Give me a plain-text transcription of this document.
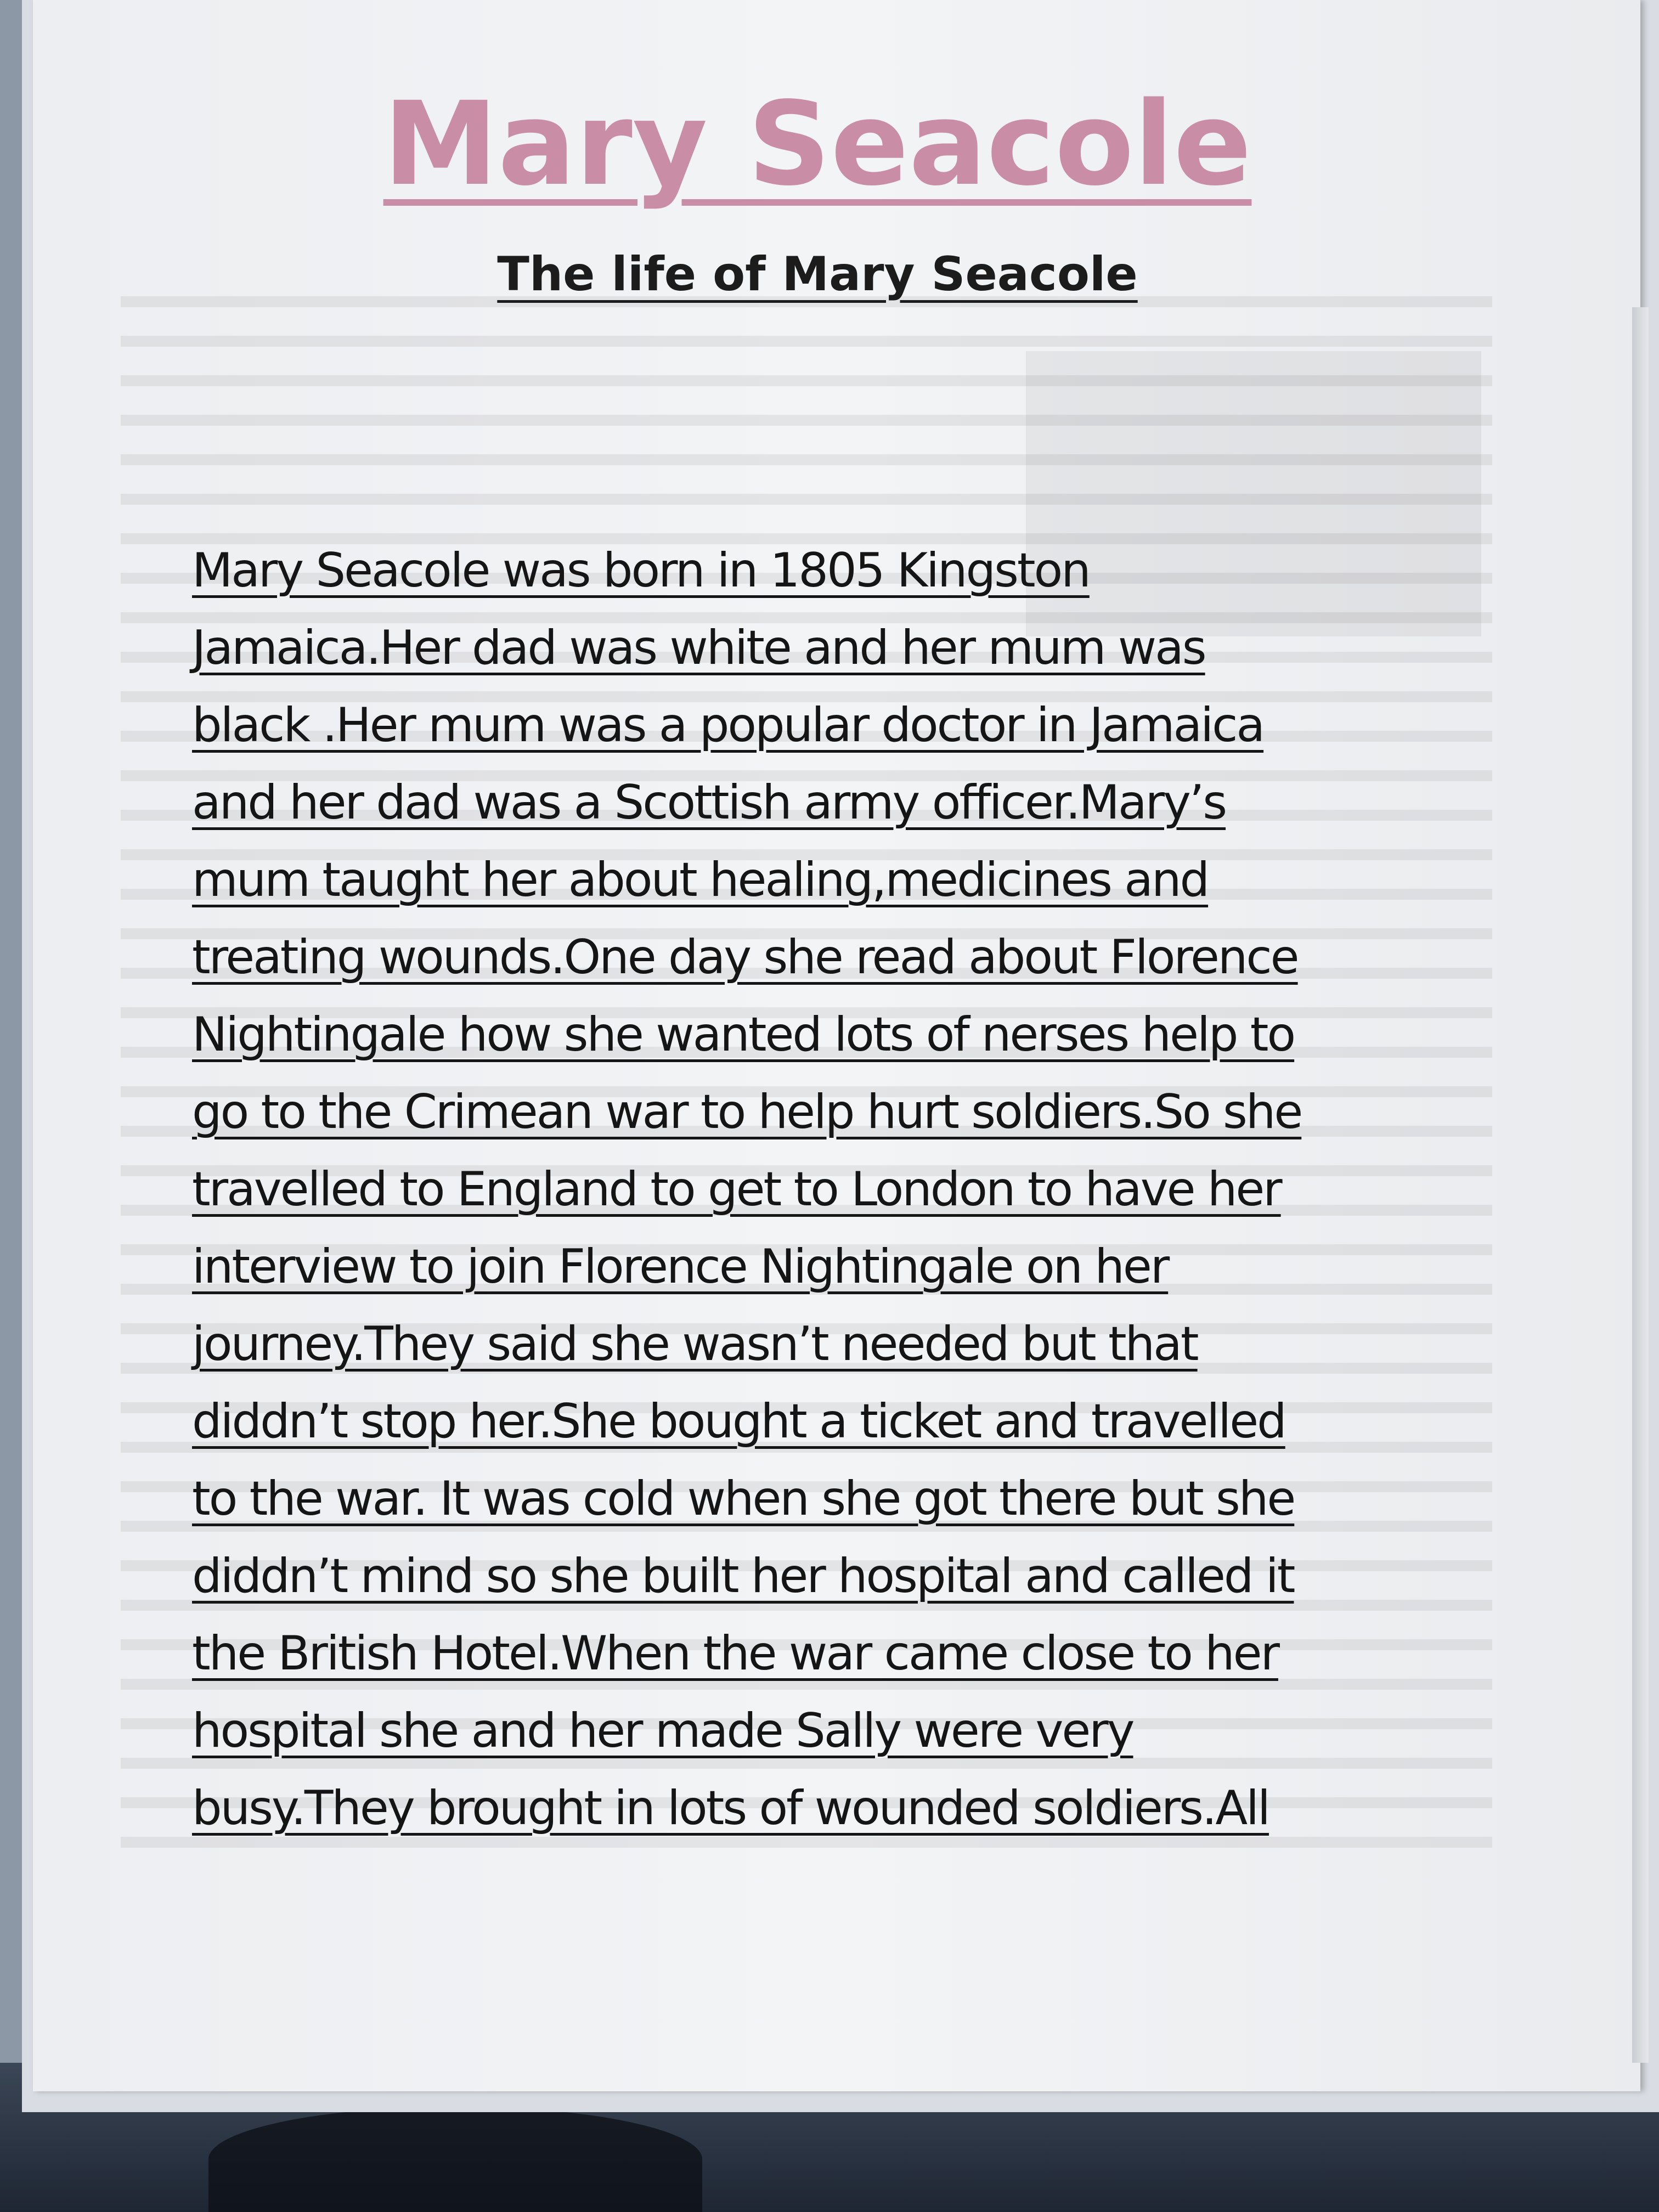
Mary Seacole
The life of Mary Seacole

Mary Seacole was born in 1805 Kingston
Jamaica.Her dad was white and her mum was
black .Her mum was a popular doctor in Jamaica
and her dad was a Scottish army officer.Mary’s
mum taught her about healing,medicines and
treating wounds.One day she read about Florence
Nightingale how she wanted lots of nerses help to
go to the Crimean war to help hurt soldiers.So she
travelled to England to get to London to have her
interview to join Florence Nightingale on her
journey.They said she wasn’t needed but that
diddn’t stop her.She bought a ticket and travelled
to the war. It was cold when she got there but she
diddn’t mind so she built her hospital and called it
the British Hotel.When the war came close to her
hospital she and her made Sally were very
busy.They brought in lots of wounded soldiers.All
